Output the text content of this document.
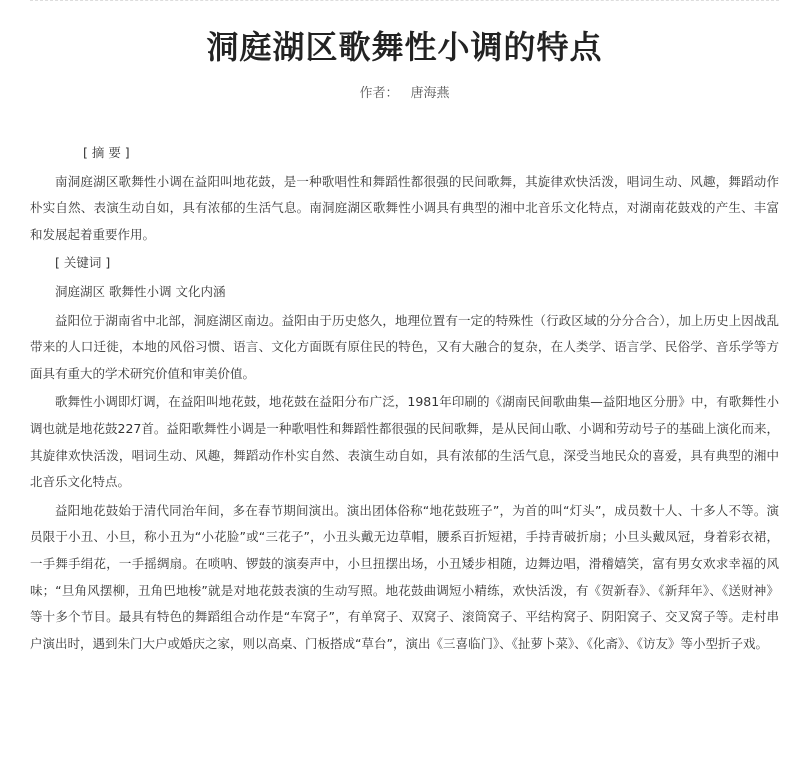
洞庭湖区歌舞性小调的特点
作者： 唐海燕

[ 摘 要 ]

南洞庭湖区歌舞性小调在益阳叫地花鼓，是一种歌唱性和舞蹈性都很强的民间歌舞，其旋律欢快活泼，唱词生动、风趣，舞蹈动作朴实自然、表演生动自如，具有浓郁的生活气息。南洞庭湖区歌舞性小调具有典型的湘中北音乐文化特点，对湖南花鼓戏的产生、丰富和发展起着重要作用。

[ 关键词 ]

洞庭湖区 歌舞性小调 文化内涵

益阳位于湖南省中北部，洞庭湖区南边。益阳由于历史悠久，地理位置有一定的特殊性（行政区域的分分合合），加上历史上因战乱带来的人口迁徙，本地的风俗习惯、语言、文化方面既有原住民的特色，又有大融合的复杂，在人类学、语言学、民俗学、音乐学等方面具有重大的学术研究价值和审美价值。

歌舞性小调即灯调，在益阳叫地花鼓，地花鼓在益阳分布广泛，1981年印刷的《湖南民间歌曲集—益阳地区分册》中，有歌舞性小调也就是地花鼓227首。益阳歌舞性小调是一种歌唱性和舞蹈性都很强的民间歌舞，是从民间山歌、小调和劳动号子的基础上演化而来，其旋律欢快活泼，唱词生动、风趣，舞蹈动作朴实自然、表演生动自如，具有浓郁的生活气息，深受当地民众的喜爱，具有典型的湘中北音乐文化特点。

益阳地花鼓始于清代同治年间，多在春节期间演出。演出团体俗称“地花鼓班子”，为首的叫“灯头”，成员数十人、十多人不等。演员限于小丑、小旦，称小丑为“小花脸”或“三花子”，小丑头戴无边草帽，腰系百折短裙，手持青破折扇；小旦头戴凤冠，身着彩衣裙，一手舞手绢花，一手摇绸扇。在唢呐、锣鼓的演奏声中，小旦扭摆出场，小丑矮步相随，边舞边唱，滑稽嬉笑，富有男女欢求幸福的风味；“旦角风摆柳，丑角巴地梭”就是对地花鼓表演的生动写照。地花鼓曲调短小精练，欢快活泼，有《贺新春》、《新拜年》、《送财神》等十多个节目。最具有特色的舞蹈组合动作是“车窝子”，有单窝子、双窝子、滚筒窝子、平结构窝子、阴阳窝子、交叉窝子等。走村串户演出时，遇到朱门大户或婚庆之家，则以高桌、门板搭成“草台”，演出《三喜临门》、《扯萝卜菜》、《化斋》、《访友》等小型折子戏。
